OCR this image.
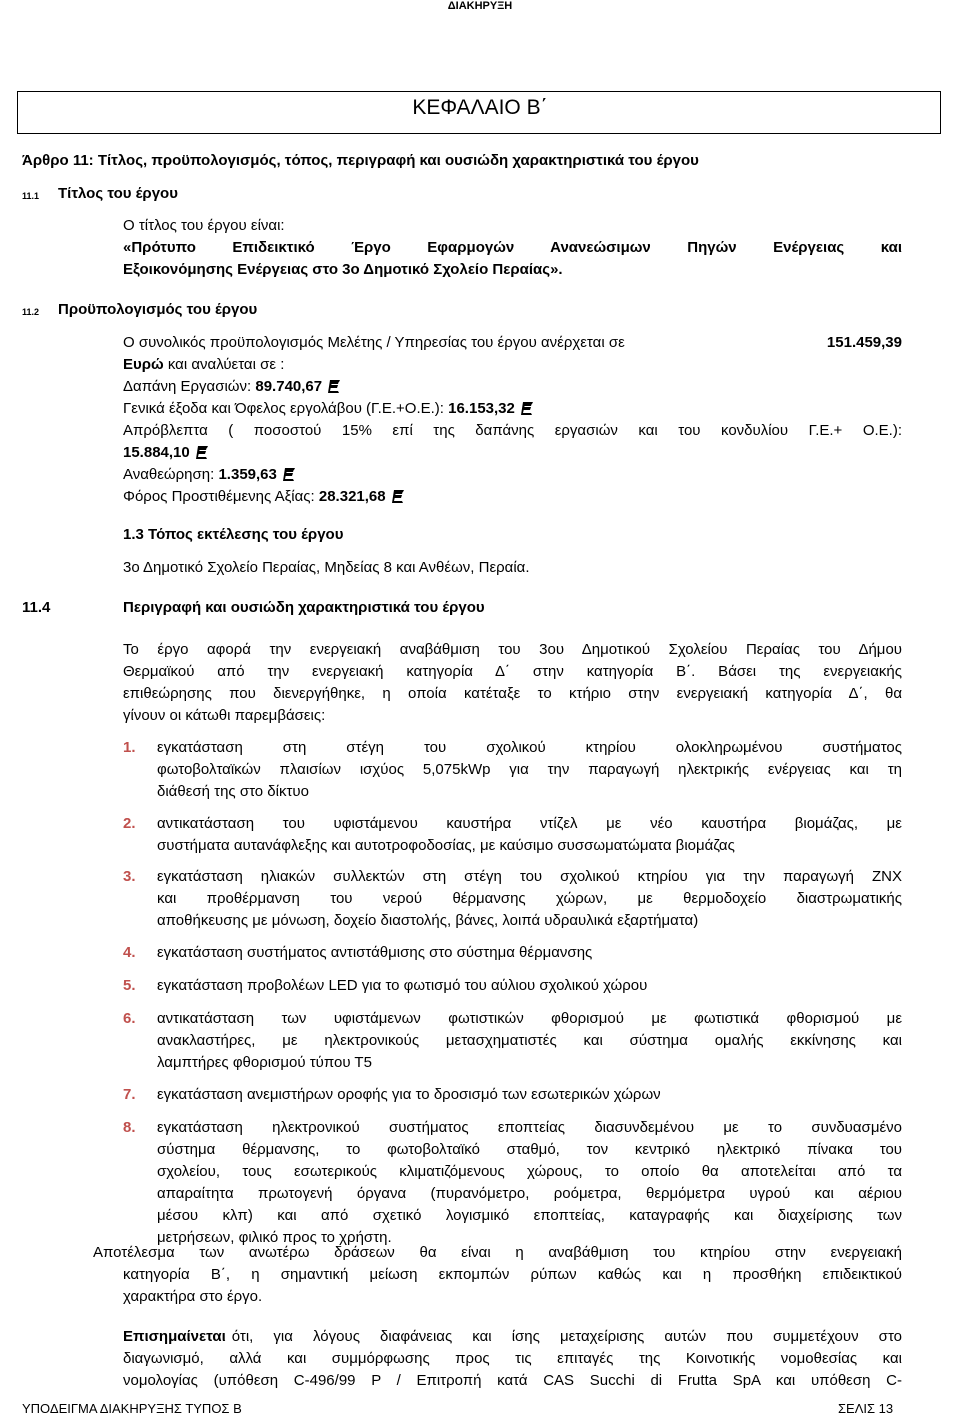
ΔΙΑΚΗΡΥΞΗ
ΚΕΦΑΛΑΙΟ Β΄
Άρθρο 11: Τίτλος, προϋπολογισμός, τόπος, περιγραφή και ουσιώδη χαρακτηριστικά του έργου
11.1 Τίτλος του έργου
Ο τίτλος του έργου είναι:
«Πρότυπο Επιδεικτικό Έργο Εφαρμογών Ανανεώσιμων Πηγών Ενέργειας και
Εξοικονόμησης Ενέργειας στο 3ο Δημοτικό Σχολείο Περαίας».
11.2 Προϋπολογισμός του έργου
Ο συνολικός προϋπολογισμός Μελέτης / Υπηρεσίας του έργου ανέρχεται σε	151.459,39
Ευρώ και αναλύεται σε :
Δαπάνη Εργασιών: 89.740,67
Γενικά έξοδα και Όφελος εργολάβου (Γ.Ε.+Ο.Ε.): 16.153,32
Απρόβλεπτα ( ποσοστού 15% επί της δαπάνης εργασιών και του κονδυλίου Γ.Ε.+ Ο.Ε.):
15.884,10
Αναθεώρηση: 1.359,63
Φόρος Προστιθέμενης Αξίας: 28.321,68
1.3 Τόπος εκτέλεσης του έργου
3ο Δημοτικό Σχολείο Περαίας, Μηδείας 8 και Ανθέων, Περαία.
11.4	Περιγραφή και ουσιώδη χαρακτηριστικά του έργου
Το έργο αφορά την ενεργειακή αναβάθμιση του 3ου Δημοτικού Σχολείου Περαίας του Δήμου
Θερμαϊκού από την ενεργειακή κατηγορία Δ΄ στην κατηγορία Β΄. Βάσει της ενεργειακής
επιθεώρησης που διενεργήθηκε, η οποία κατέταξε το κτήριο στην ενεργειακή κατηγορία Δ΄, θα
γίνουν οι κάτωθι παρεμβάσεις:
1.	εγκατάσταση στη στέγη του σχολικού κτηρίου ολοκληρωμένου συστήματος
φωτοβολταϊκών πλαισίων ισχύος 5,075kWp για την παραγωγή ηλεκτρικής ενέργειας και τη
διάθεσή της στο δίκτυο
2.	αντικατάσταση του υφιστάμενου καυστήρα ντίζελ με νέο καυστήρα βιομάζας, με
συστήματα αυτανάφλεξης και αυτοτροφοδοσίας, με καύσιμο συσσωματώματα βιομάζας
3.	εγκατάσταση ηλιακών συλλεκτών στη στέγη του σχολικού κτηρίου για την παραγωγή ΖΝΧ
και προθέρμανση του νερού θέρμανσης χώρων, με θερμοδοχείο διαστρωματικής
αποθήκευσης με μόνωση, δοχείο διαστολής, βάνες, λοιπά υδραυλικά εξαρτήματα)
4.	εγκατάσταση συστήματος αντιστάθμισης στο σύστημα θέρμανσης
5.	εγκατάσταση προβολέων LED για το φωτισμό του αύλιου σχολικού χώρου
6.	αντικατάσταση των υφιστάμενων φωτιστικών φθορισμού με φωτιστικά φθορισμού με
ανακλαστήρες, με ηλεκτρονικούς μετασχηματιστές και σύστημα ομαλής εκκίνησης και
λαμπτήρες φθορισμού τύπου Τ5
7.	εγκατάσταση ανεμιστήρων οροφής για το δροσισμό των εσωτερικών χώρων
8.	εγκατάσταση ηλεκτρονικού συστήματος εποπτείας διασυνδεμένου με το συνδυασμένο
σύστημα θέρμανσης, το φωτοβολταϊκό σταθμό, τον κεντρικό ηλεκτρικό πίνακα του
σχολείου, τους εσωτερικούς κλιματιζόμενους χώρους, το οποίο θα αποτελείται από τα
απαραίτητα πρωτογενή όργανα (πυρανόμετρο, ροόμετρα, θερμόμετρα υγρού και αέριου
μέσου κλπ) και από σχετικό λογισμικό εποπτείας, καταγραφής και διαχείρισης των
μετρήσεων, φιλικό προς το χρήστη.
Αποτέλεσμα των ανωτέρω δράσεων θα είναι η αναβάθμιση του κτηρίου στην ενεργειακή
κατηγορία Β΄, η σημαντική μείωση εκπομπών ρύπων καθώς και η προσθήκη επιδεικτικού
χαρακτήρα στο έργο.
Επισημαίνεται ότι, για λόγους διαφάνειας και ίσης μεταχείρισης αυτών που συμμετέχουν στο
διαγωνισμό, αλλά και συμμόρφωσης προς τις επιταγές της Κοινοτικής νομοθεσίας και
νομολογίας (υπόθεση C-496/99 P / Επιτροπή κατά CAS Succhi di Frutta SpA και υπόθεση C-
ΥΠΟΔΕΙΓΜΑ ΔΙΑΚΗΡΥΞΗΣ ΤΥΠΟΣ Β	ΣΕΛΙΣ 13
